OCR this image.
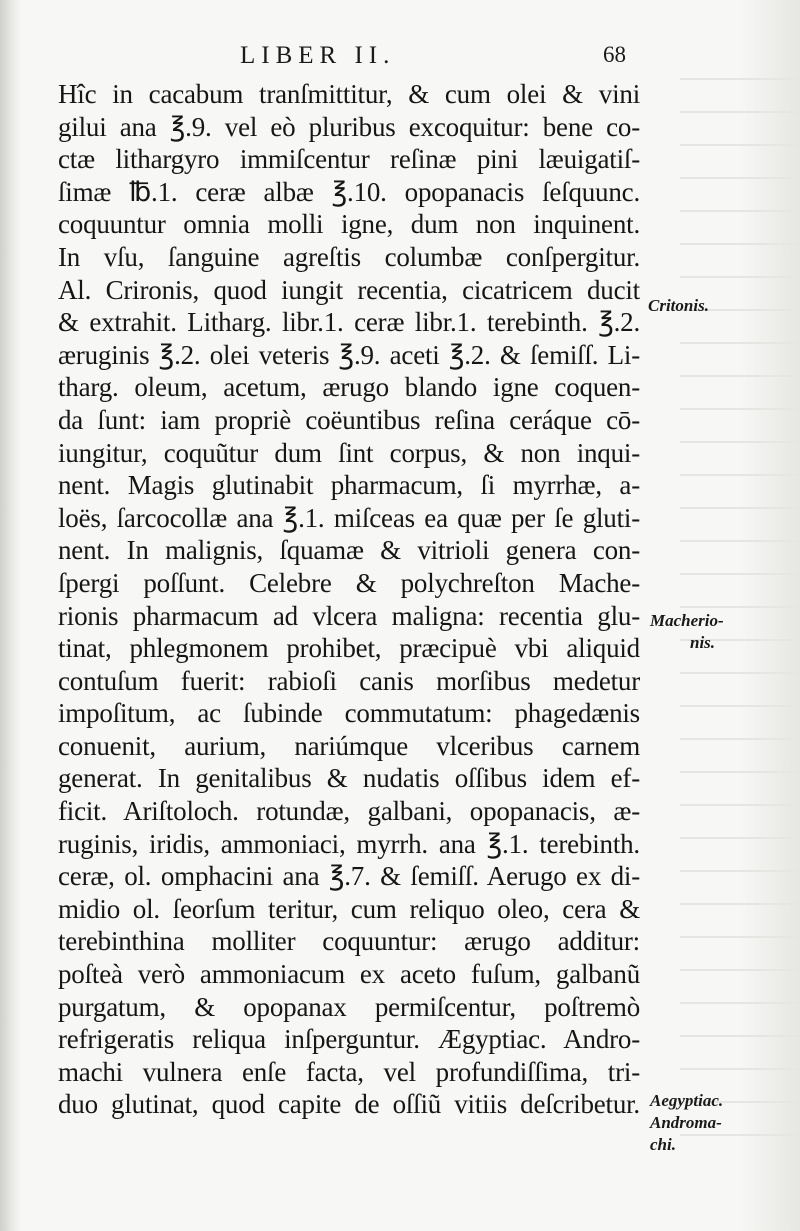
LIBER II.	68
Hîc in cacabum tranſmittitur, & cum olei & vini
gilui ana ℥.9. vel eò pluribus excoquitur: bene co-
ctæ lithargyro immiſcentur reſinæ pini læuigatiſ-
ſimæ ℔.1. ceræ albæ ℥.10. opopanacis ſeſquunc.
coquuntur omnia molli igne, dum non inquinent.
In vſu, ſanguine agreſtis columbæ conſpergitur.
Al. Crironis, quod iungit recentia, cicatricem ducit
& extrahit. Litharg. libr.1. ceræ libr.1. terebinth. ℥.2.
æruginis ℥.2. olei veteris ℥.9. aceti ℥.2. & ſemiſſ. Li-
tharg. oleum, acetum, ærugo blando igne coquen-
da ſunt: iam propriè coëuntibus reſina ceráque cō-
iungitur, coquũtur dum ſint corpus, & non inqui-
nent. Magis glutinabit pharmacum, ſi myrrhæ, a-
loës, ſarcocollæ ana ℥.1. miſceas ea quæ per ſe gluti-
nent. In malignis, ſquamæ & vitrioli genera con-
ſpergi poſſunt. Celebre & polychreſton Mache-
rionis pharmacum ad vlcera maligna: recentia glu-
tinat, phlegmonem prohibet, præcipuè vbi aliquid
contuſum fuerit: rabioſi canis morſibus medetur
impoſitum, ac ſubinde commutatum: phagedænis
conuenit, aurium, nariúmque vlceribus carnem
generat. In genitalibus & nudatis oſſibus idem ef-
ficit. Ariſtoloch. rotundæ, galbani, opopanacis, æ-
ruginis, iridis, ammoniaci, myrrh. ana ℥.1. terebinth.
ceræ, ol. omphacini ana ℥.7. & ſemiſſ. Aerugo ex di-
midio ol. ſeorſum teritur, cum reliquo oleo, cera &
terebinthina molliter coquuntur: ærugo additur:
poſteà verò ammoniacum ex aceto fuſum, galbanũ
purgatum, & opopanax permiſcentur, poſtremò
refrigeratis reliqua inſperguntur. Ægyptiac. Andro-
machi vulnera enſe facta, vel profundiſſima, tri-
duo glutinat, quod capite de oſſiũ vitiis deſcribetur.
Critonis.
Macherio-
nis.
Aegyptiac.
Androma-
chi.
